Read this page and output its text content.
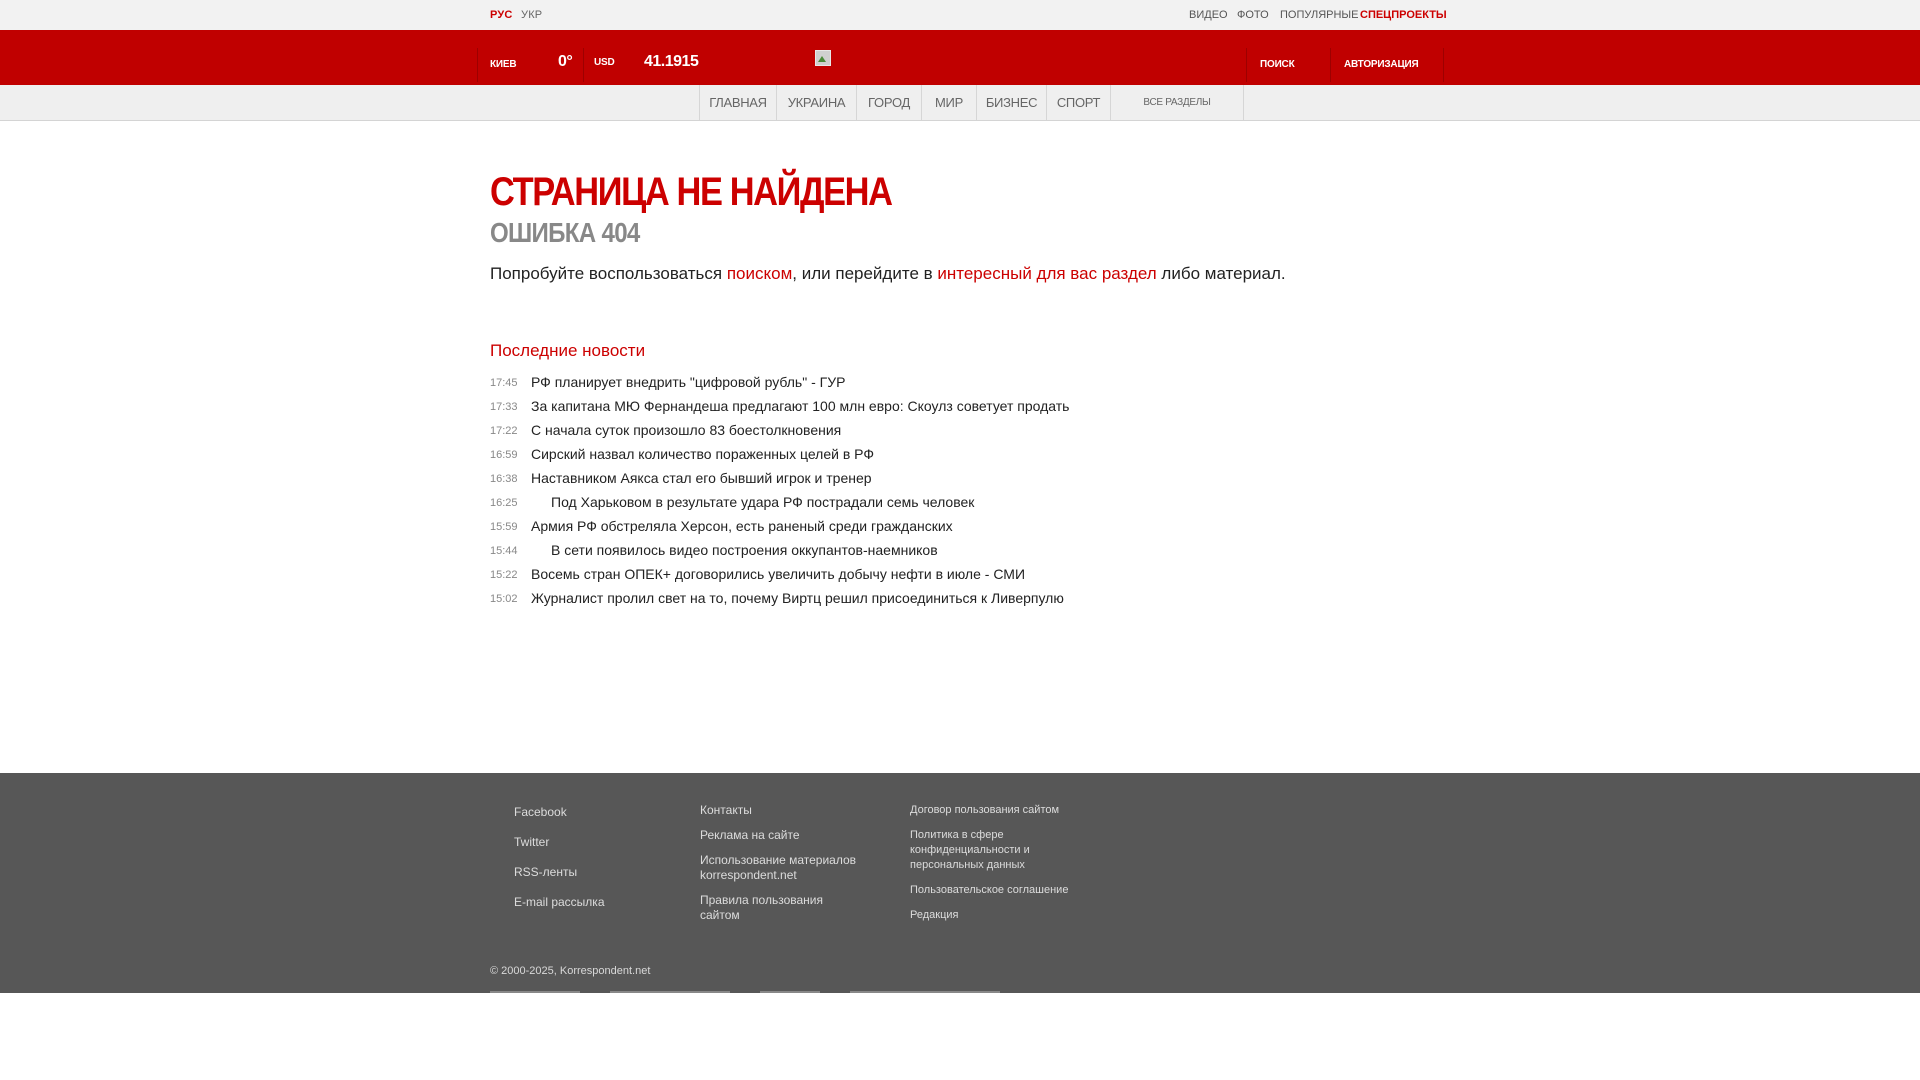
РУС УКР	ВИДЕО ФОТО ПОПУЛЯРНЫЕ СПЕЦПРОЕКТЫ
КИЕВ	0° USD 41.1915	ПОИСК	АВТОРИЗАЦИЯ
ГЛАВНАЯ	УКРАИНА	ГОРОД	МИР	БИЗНЕС	СПОРТ	ВСЕ РАЗДЕЛЫ
СТРАНИЦА НЕ НАЙДЕНА
ОШИБКА 404
Попробуйте воспользоваться поиском, или перейдите в интересный для вас раздел либо материал.
Последние новости
17:45 РФ планирует внедрить "цифровой рубль" - ГУР
17:33 За капитана МЮ Фернандеша предлагают 100 млн евро: Скоулз советует продать
17:22 С начала суток произошло 83 боестолкновения
16:59 Сирский назвал количество пораженных целей в РФ
16:38 Наставником Аякса стал его бывший игрок и тренер
16:25 Под Харьковом в результате удара РФ пострадали семь человек
15:59 Армия РФ обстреляла Херсон, есть раненый среди гражданских
15:44 В сети появилось видео построения оккупантов-наемников
15:22 Восемь стран ОПЕК+ договорились увеличить добычу нефти в июле - СМИ
15:02 Журналист пролил свет на то, почему Виртц решил присоединиться к Ливерпулю
Facebook
Twitter
RSS-ленты
E-mail рассылка
Контакты
Реклама на сайте
Использование материалов korrespondent.net
Правила пользования сайтом
Договор пользования сайтом
Политика в сфере конфиденциальности и персональных данных
Пользовательское соглашение
Редакция
© 2000-2025, Korrespondent.net
